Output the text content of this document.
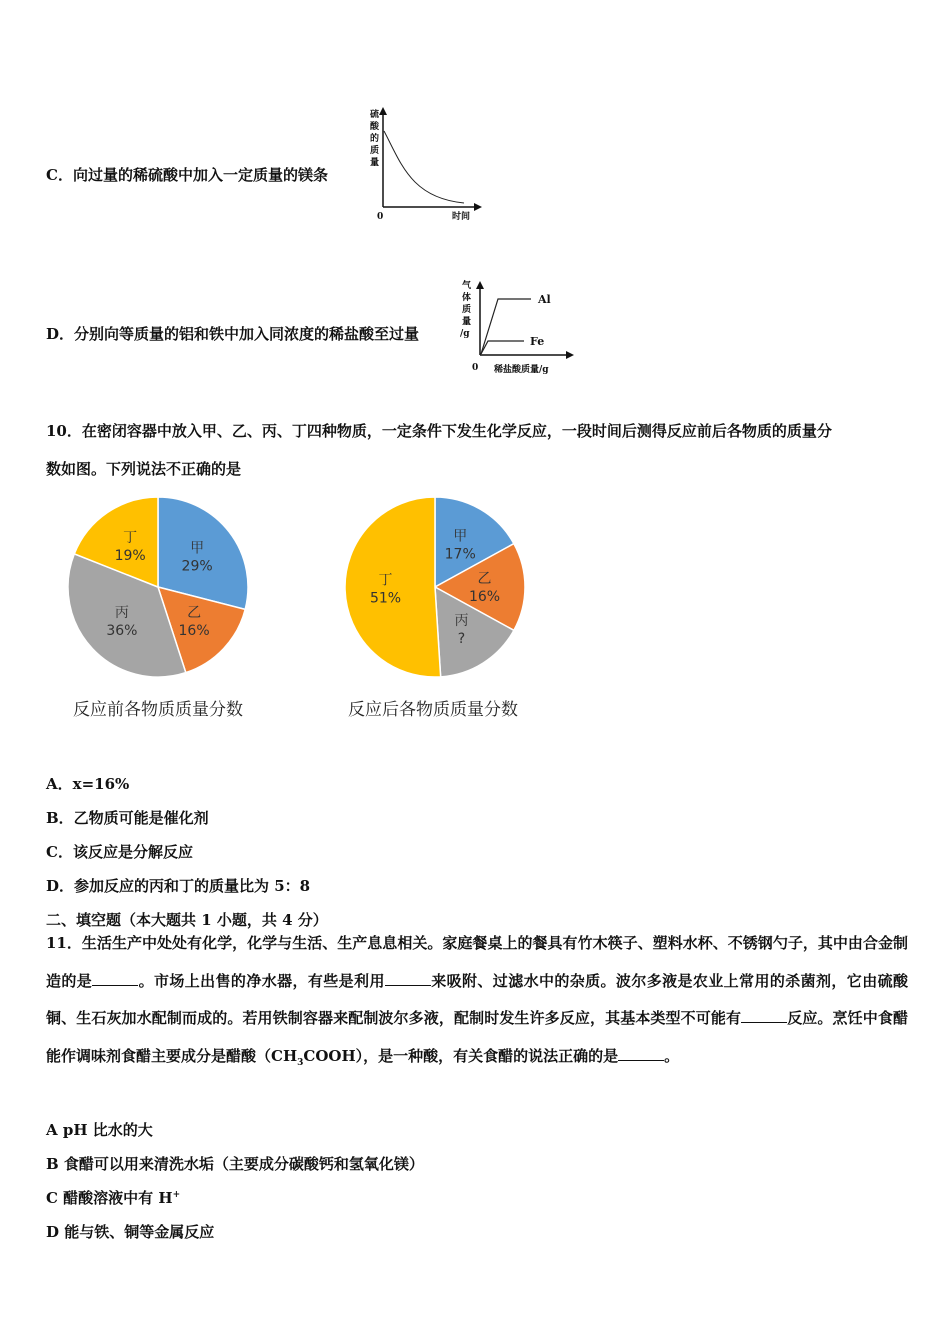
C．向过量的稀硫酸中加入一定质量的镁条
硫
酸
的
质
量
0	时间
D．分别向等质量的铝和铁中加入同浓度的稀盐酸至过量
气
体
质
量
/g
Al
Fe
0 稀盐酸质量/g
10．在密闭容器中放入甲、乙、丙、丁四种物质，一定条件下发生化学反应，一段时间后测得反应前后各物质的质量分
数如图。下列说法不正确的是
甲
29%
乙
16%
丙
36%
丁
19%
甲
17%
乙
16%
丙
?
丁
51%
反应前各物质质量分数	反应后各物质质量分数
A．x=16%
B．乙物质可能是催化剂
C．该反应是分解反应
D．参加反应的丙和丁的质量比为 5：8
二、填空题（本大题共 1 小题，共 4 分）
11．生活生产中处处有化学，化学与生活、生产息息相关。家庭餐桌上的餐具有竹木筷子、塑料水杯、不锈钢勺子，其中由合金制造的是	。市场上出售的净水器，有些是利用	来吸附、过滤水中的杂质。波尔多液是农业上常用的杀菌剂，它由硫酸铜、生石灰加水配制而成的。若用铁制容器来配制波尔多液，配制时发生许多反应，其基本类型不可能有	反应。烹饪中食醋能作调味剂食醋主要成分是醋酸$(CH_3COOH)$，是一种酸，有关食醋的说法正确的是	。
A pH 比水的大
B 食醋可以用来清洗水垢（主要成分碳酸钙和氢氧化镁）
C 醋酸溶液中有 H+
D 能与铁、铜等金属反应
